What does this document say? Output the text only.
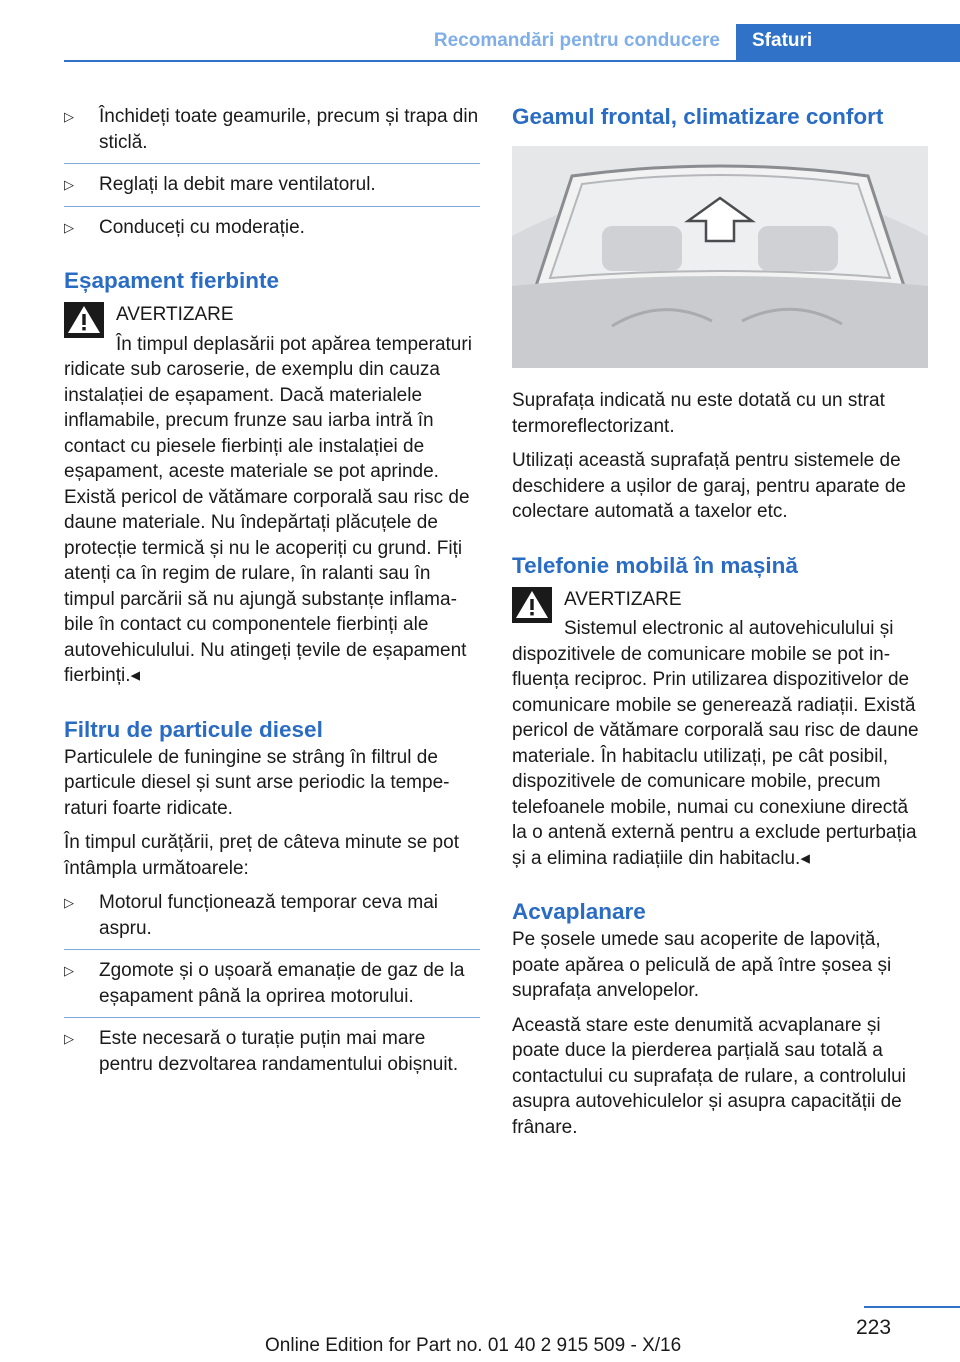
Recomandări pentru conducere	Sfaturi
▷ Închideți toate geamurile, precum și trapa din sticlă.
▷ Reglați la debit mare ventilatorul.
▷ Conduceți cu moderație.
Eșapament fierbinte
AVERTIZARE
În timpul deplasării pot apărea temperaturi ridicate sub caroserie, de exemplu din cauza instalației de eșapament. Dacă materialele inflamabile, precum frunze sau iarba intră în contact cu piesele fierbinți ale instalației de eșapament, aceste materiale se pot aprinde. Există pericol de vătămare corporală sau risc de daune materiale. Nu îndepărtați plăcuțele de protecție termică și nu le acoperiți cu grund. Fiți atenți ca în regim de rulare, în ralanti sau în timpul parcării să nu ajungă substanțe inflamabile în contact cu componentele fierbinți ale autovehiculului. Nu atingeți țevile de eșapament fierbinți.◂
Filtru de particule diesel

Particulele de funingine se strâng în filtrul de particule diesel și sunt arse periodic la temperaturi foarte ridicate.

În timpul curățării, preț de câteva minute se pot întâmpla următoarele:

▷ Motorul funcționează temporar ceva mai aspru.
▷ Zgomote și o ușoară emanație de gaz de la eșapament până la oprirea motorului.
▷ Este necesară o turație puțin mai mare pentru dezvoltarea randamentului obișnuit.
Geamul frontal, climatizare confort

Suprafața indicată nu este dotată cu un strat termoreflectorizant.

Utilizați această suprafață pentru sistemele de deschidere a ușilor de garaj, pentru aparate de colectare automată a taxelor etc.

Telefonie mobilă în mașină
AVERTIZARE
Sistemul electronic al autovehiculului și dispozitivele de comunicare mobile se pot influența reciproc. Prin utilizarea dispozitivelor de comunicare mobile se generează radiații. Există pericol de vătămare corporală sau risc de daune materiale. În habitaclu utilizați, pe cât posibil, dispozitivele de comunicare mobile, precum telefoanele mobile, numai cu conexiune directă la o antenă externă pentru a exclude perturbația și a elimina radiațiile din habitaclu.◂
Acvaplanare

Pe șosele umede sau acoperite de lapoviță, poate apărea o peliculă de apă între șosea și suprafața anvelopelor.

Această stare este denumită acvaplanare și poate duce la pierderea parțială sau totală a contactului cu suprafața de rulare, a controlului asupra autovehiculelor și asupra capacității de frânare.

223
Online Edition for Part no. 01 40 2 915 509 - X/16
